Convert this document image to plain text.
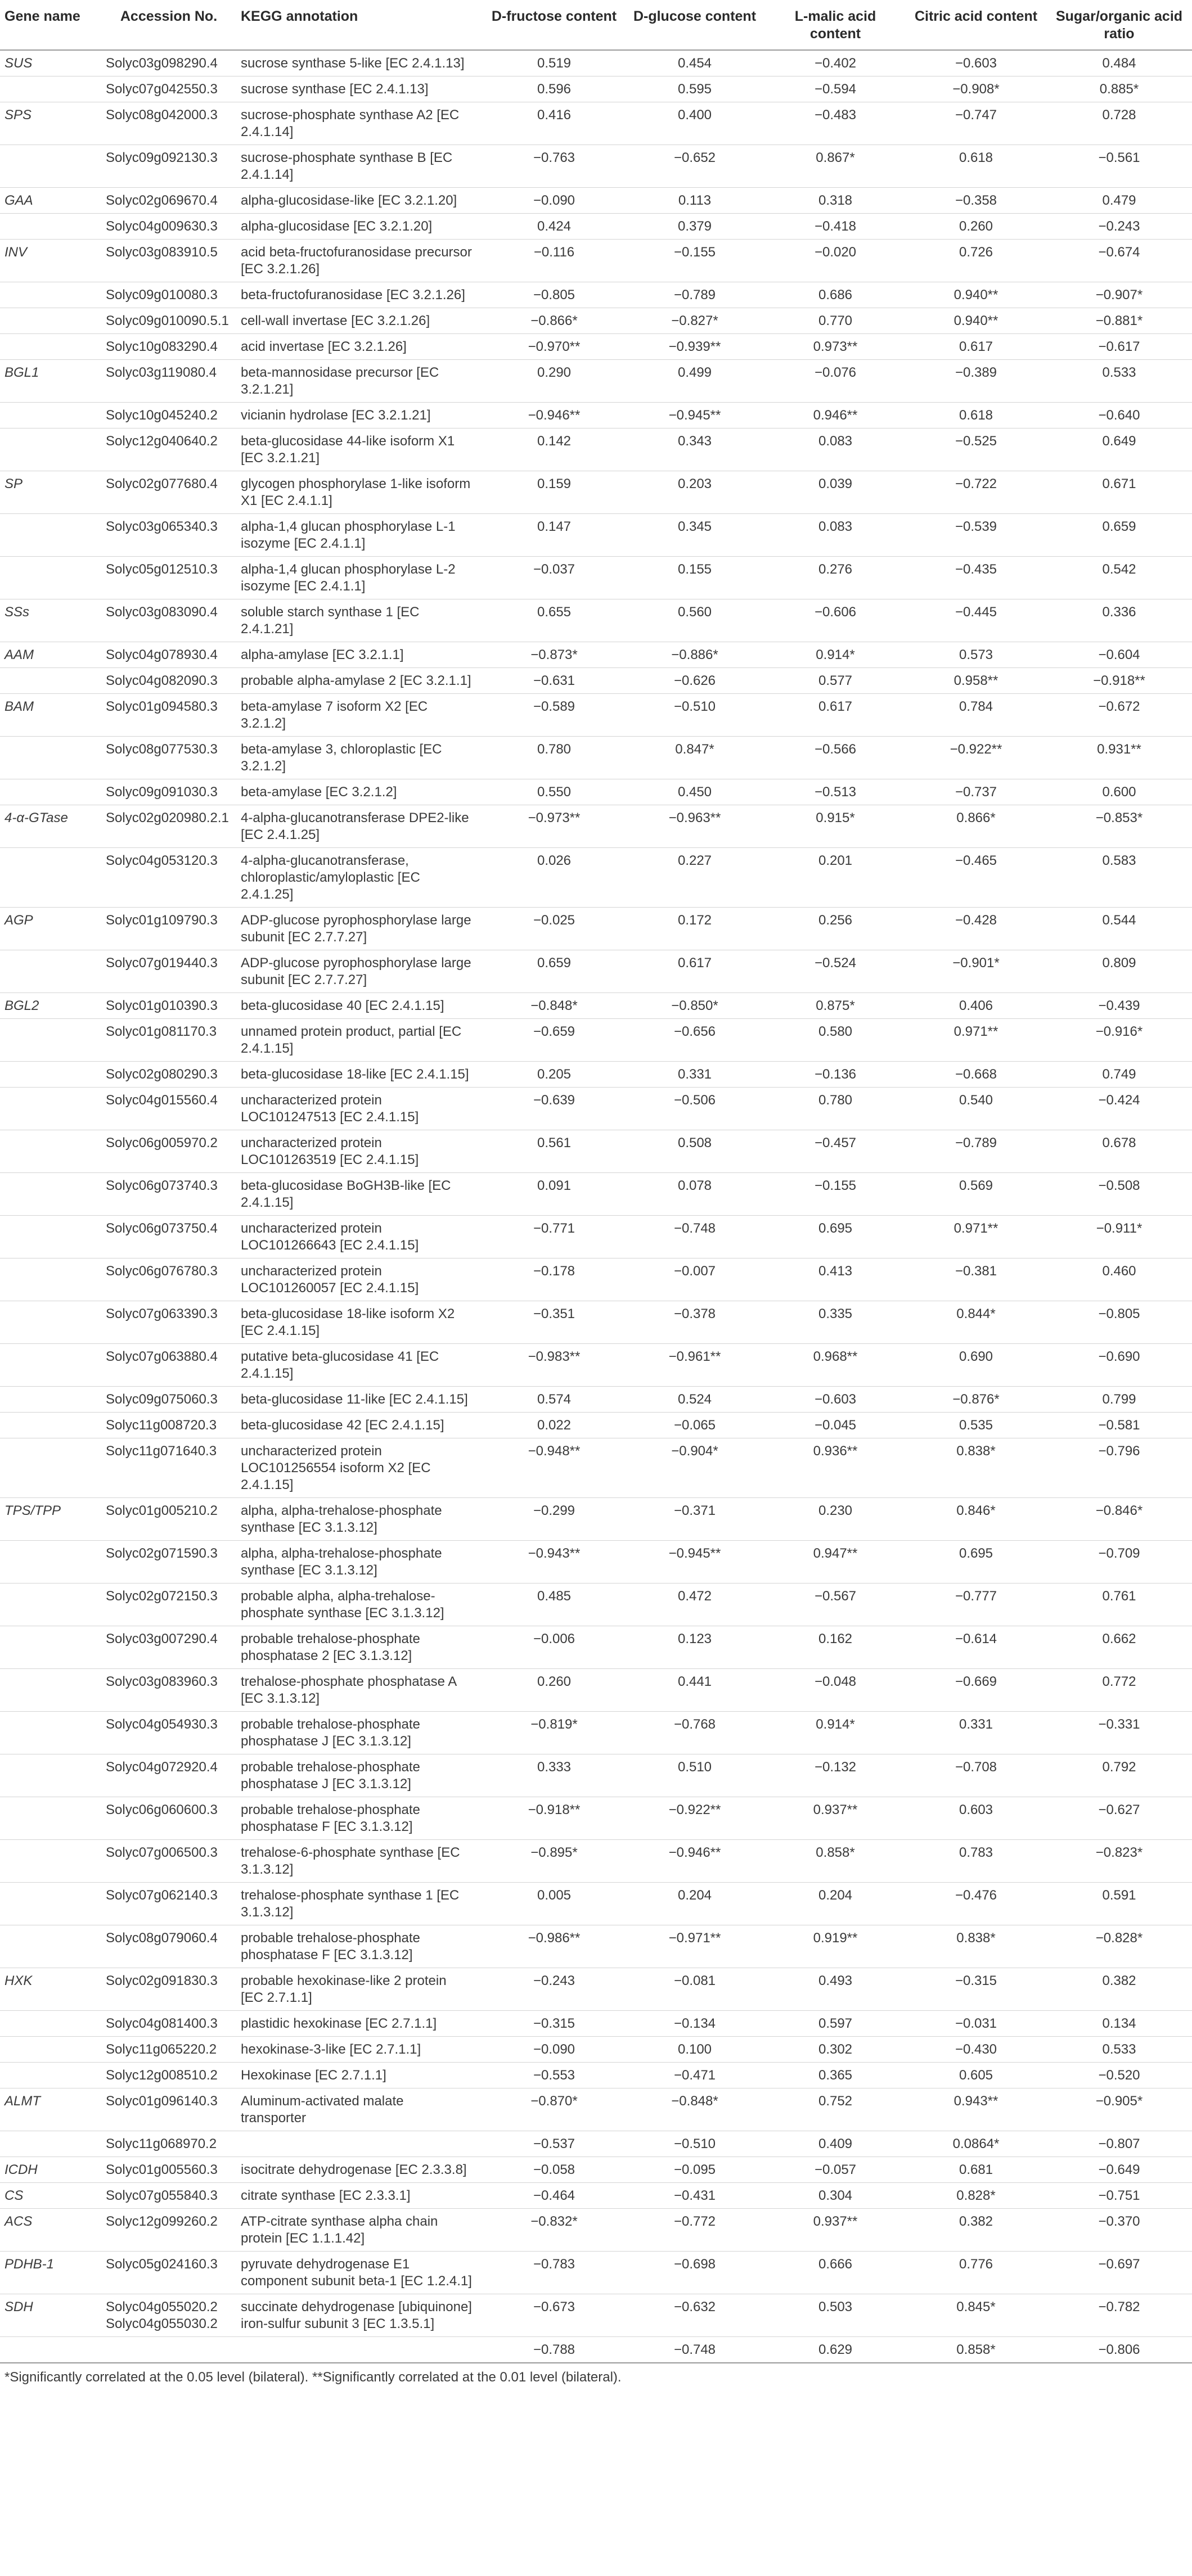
Gene name	Accession No.	KEGG annotation	D-fructose content	D-glucose content	L-malic acid content	Citric acid content	Sugar/organic acid ratio
SUS	Solyc03g098290.4	sucrose synthase 5-like [EC 2.4.1.13]	0.519	0.454	−0.402	−0.603	0.484
	Solyc07g042550.3	sucrose synthase [EC 2.4.1.13]	0.596	0.595	−0.594	−0.908*	0.885*
SPS	Solyc08g042000.3	sucrose-phosphate synthase A2 [EC 2.4.1.14]	0.416	0.400	−0.483	−0.747	0.728
	Solyc09g092130.3	sucrose-phosphate synthase B [EC 2.4.1.14]	−0.763	−0.652	0.867*	0.618	−0.561
GAA	Solyc02g069670.4	alpha-glucosidase-like [EC 3.2.1.20]	−0.090	0.113	0.318	−0.358	0.479
	Solyc04g009630.3	alpha-glucosidase [EC 3.2.1.20]	0.424	0.379	−0.418	0.260	−0.243
INV	Solyc03g083910.5	acid beta-fructofuranosidase precursor [EC 3.2.1.26]	−0.116	−0.155	−0.020	0.726	−0.674
	Solyc09g010080.3	beta-fructofuranosidase [EC 3.2.1.26]	−0.805	−0.789	0.686	0.940**	−0.907*
	Solyc09g010090.5.1	cell-wall invertase [EC 3.2.1.26]	−0.866*	−0.827*	0.770	0.940**	−0.881*
	Solyc10g083290.4	acid invertase [EC 3.2.1.26]	−0.970**	−0.939**	0.973**	0.617	−0.617
BGL1	Solyc03g119080.4	beta-mannosidase precursor [EC 3.2.1.21]	0.290	0.499	−0.076	−0.389	0.533
	Solyc10g045240.2	vicianin hydrolase [EC 3.2.1.21]	−0.946**	−0.945**	0.946**	0.618	−0.640
	Solyc12g040640.2	beta-glucosidase 44-like isoform X1 [EC 3.2.1.21]	0.142	0.343	0.083	−0.525	0.649
SP	Solyc02g077680.4	glycogen phosphorylase 1-like isoform X1 [EC 2.4.1.1]	0.159	0.203	0.039	−0.722	0.671
	Solyc03g065340.3	alpha-1,4 glucan phosphorylase L-1 isozyme [EC 2.4.1.1]	0.147	0.345	0.083	−0.539	0.659
	Solyc05g012510.3	alpha-1,4 glucan phosphorylase L-2 isozyme [EC 2.4.1.1]	−0.037	0.155	0.276	−0.435	0.542
SSs	Solyc03g083090.4	soluble starch synthase 1 [EC 2.4.1.21]	0.655	0.560	−0.606	−0.445	0.336
AAM	Solyc04g078930.4	alpha-amylase [EC 3.2.1.1]	−0.873*	−0.886*	0.914*	0.573	−0.604
	Solyc04g082090.3	probable alpha-amylase 2 [EC 3.2.1.1]	−0.631	−0.626	0.577	0.958**	−0.918**
BAM	Solyc01g094580.3	beta-amylase 7 isoform X2 [EC 3.2.1.2]	−0.589	−0.510	0.617	0.784	−0.672
	Solyc08g077530.3	beta-amylase 3, chloroplastic [EC 3.2.1.2]	0.780	0.847*	−0.566	−0.922**	0.931**
	Solyc09g091030.3	beta-amylase [EC 3.2.1.2]	0.550	0.450	−0.513	−0.737	0.600
4-α-GTase	Solyc02g020980.2.1	4-alpha-glucanotransferase DPE2-like [EC 2.4.1.25]	−0.973**	−0.963**	0.915*	0.866*	−0.853*
	Solyc04g053120.3	4-alpha-glucanotransferase, chloroplastic/amyloplastic [EC 2.4.1.25]	0.026	0.227	0.201	−0.465	0.583
AGP	Solyc01g109790.3	ADP-glucose pyrophosphorylase large subunit [EC 2.7.7.27]	−0.025	0.172	0.256	−0.428	0.544
	Solyc07g019440.3	ADP-glucose pyrophosphorylase large subunit [EC 2.7.7.27]	0.659	0.617	−0.524	−0.901*	0.809
BGL2	Solyc01g010390.3	beta-glucosidase 40 [EC 2.4.1.15]	−0.848*	−0.850*	0.875*	0.406	−0.439
	Solyc01g081170.3	unnamed protein product, partial [EC 2.4.1.15]	−0.659	−0.656	0.580	0.971**	−0.916*
	Solyc02g080290.3	beta-glucosidase 18-like [EC 2.4.1.15]	0.205	0.331	−0.136	−0.668	0.749
	Solyc04g015560.4	uncharacterized protein LOC101247513 [EC 2.4.1.15]	−0.639	−0.506	0.780	0.540	−0.424
	Solyc06g005970.2	uncharacterized protein LOC101263519 [EC 2.4.1.15]	0.561	0.508	−0.457	−0.789	0.678
	Solyc06g073740.3	beta-glucosidase BoGH3B-like [EC 2.4.1.15]	0.091	0.078	−0.155	0.569	−0.508
	Solyc06g073750.4	uncharacterized protein LOC101266643 [EC 2.4.1.15]	−0.771	−0.748	0.695	0.971**	−0.911*
	Solyc06g076780.3	uncharacterized protein LOC101260057 [EC 2.4.1.15]	−0.178	−0.007	0.413	−0.381	0.460
	Solyc07g063390.3	beta-glucosidase 18-like isoform X2 [EC 2.4.1.15]	−0.351	−0.378	0.335	0.844*	−0.805
	Solyc07g063880.4	putative beta-glucosidase 41 [EC 2.4.1.15]	−0.983**	−0.961**	0.968**	0.690	−0.690
	Solyc09g075060.3	beta-glucosidase 11-like [EC 2.4.1.15]	0.574	0.524	−0.603	−0.876*	0.799
	Solyc11g008720.3	beta-glucosidase 42 [EC 2.4.1.15]	0.022	−0.065	−0.045	0.535	−0.581
	Solyc11g071640.3	uncharacterized protein LOC101256554 isoform X2 [EC 2.4.1.15]	−0.948**	−0.904*	0.936**	0.838*	−0.796
TPS/TPP	Solyc01g005210.2	alpha, alpha-trehalose-phosphate synthase [EC 3.1.3.12]	−0.299	−0.371	0.230	0.846*	−0.846*
	Solyc02g071590.3	alpha, alpha-trehalose-phosphate synthase [EC 3.1.3.12]	−0.943**	−0.945**	0.947**	0.695	−0.709
	Solyc02g072150.3	probable alpha, alpha-trehalose-phosphate synthase [EC 3.1.3.12]	0.485	0.472	−0.567	−0.777	0.761
	Solyc03g007290.4	probable trehalose-phosphate phosphatase 2 [EC 3.1.3.12]	−0.006	0.123	0.162	−0.614	0.662
	Solyc03g083960.3	trehalose-phosphate phosphatase A [EC 3.1.3.12]	0.260	0.441	−0.048	−0.669	0.772
	Solyc04g054930.3	probable trehalose-phosphate phosphatase J [EC 3.1.3.12]	−0.819*	−0.768	0.914*	0.331	−0.331
	Solyc04g072920.4	probable trehalose-phosphate phosphatase J [EC 3.1.3.12]	0.333	0.510	−0.132	−0.708	0.792
	Solyc06g060600.3	probable trehalose-phosphate phosphatase F [EC 3.1.3.12]	−0.918**	−0.922**	0.937**	0.603	−0.627
	Solyc07g006500.3	trehalose-6-phosphate synthase [EC 3.1.3.12]	−0.895*	−0.946**	0.858*	0.783	−0.823*
	Solyc07g062140.3	trehalose-phosphate synthase 1 [EC 3.1.3.12]	0.005	0.204	0.204	−0.476	0.591
	Solyc08g079060.4	probable trehalose-phosphate phosphatase F [EC 3.1.3.12]	−0.986**	−0.971**	0.919**	0.838*	−0.828*
HXK	Solyc02g091830.3	probable hexokinase-like 2 protein [EC 2.7.1.1]	−0.243	−0.081	0.493	−0.315	0.382
	Solyc04g081400.3	plastidic hexokinase [EC 2.7.1.1]	−0.315	−0.134	0.597	−0.031	0.134
	Solyc11g065220.2	hexokinase-3-like [EC 2.7.1.1]	−0.090	0.100	0.302	−0.430	0.533
	Solyc12g008510.2	Hexokinase [EC 2.7.1.1]	−0.553	−0.471	0.365	0.605	−0.520
ALMT	Solyc01g096140.3	Aluminum-activated malate transporter	−0.870*	−0.848*	0.752	0.943**	−0.905*
	Solyc11g068970.2		−0.537	−0.510	0.409	0.0864*	−0.807
ICDH	Solyc01g005560.3	isocitrate dehydrogenase [EC 2.3.3.8]	−0.058	−0.095	−0.057	0.681	−0.649
CS	Solyc07g055840.3	citrate synthase [EC 2.3.3.1]	−0.464	−0.431	0.304	0.828*	−0.751
ACS	Solyc12g099260.2	ATP-citrate synthase alpha chain protein [EC 1.1.1.42]	−0.832*	−0.772	0.937**	0.382	−0.370
PDHB-1	Solyc05g024160.3	pyruvate dehydrogenase E1 component subunit beta-1 [EC 1.2.4.1]	−0.783	−0.698	0.666	0.776	−0.697
SDH	Solyc04g055020.2 Solyc04g055030.2	succinate dehydrogenase [ubiquinone] iron-sulfur subunit 3 [EC 1.3.5.1]	−0.673	−0.632	0.503	0.845*	−0.782
			−0.788	−0.748	0.629	0.858*	−0.806
*Significantly correlated at the 0.05 level (bilateral). **Significantly correlated at the 0.01 level (bilateral).
